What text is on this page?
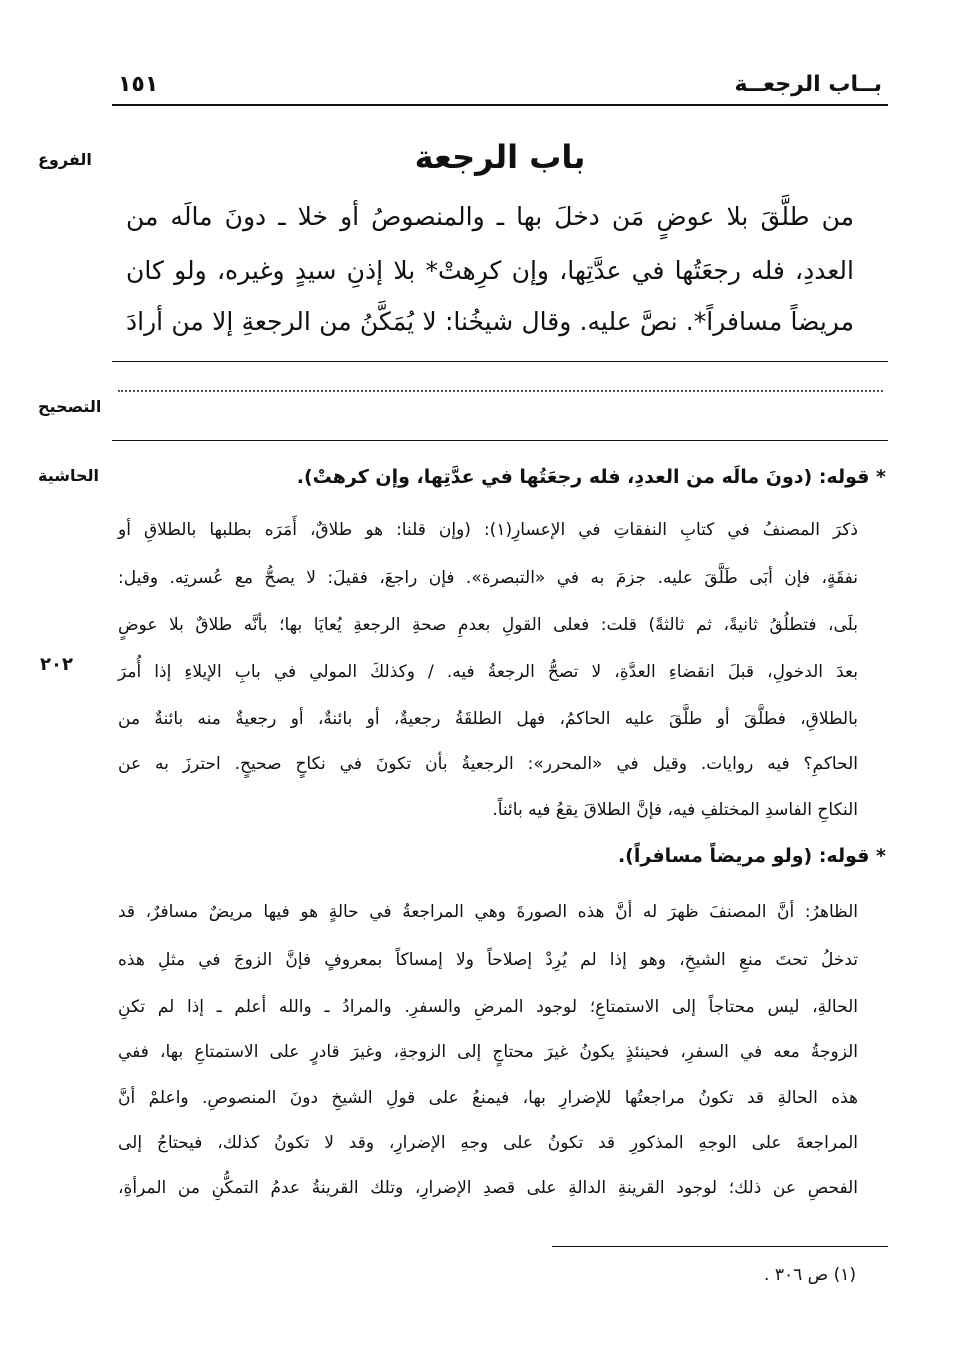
بــاب الرجعــة
١٥١
الفروع
التصحيح
الحاشية
٢٠٢
باب الرجعة
من طلَّقَ بلا عوضٍ مَن دخلَ بها ـ والمنصوصُ أو خلا ـ دونَ مالَه من
العددِ، فله رجعَتُها في عدَّتِها، وإن كرِهتْ* بلا إذنِ سيدٍ وغيره، ولو كان
مريضاً مسافراً*. نصَّ عليه. وقال شيخُنا: لا يُمَكَّنُ من الرجعةِ إلا من أرادَ
* قوله: (دونَ مالَه من العددِ، فله رجعَتُها في عدَّتِها، وإن كرهتْ).
ذكرَ المصنفُ في كتابِ النفقاتِ في الإعسارِ(١): (وإن قلنا: هو طلاقٌ، أَمَرَه بطلبها بالطلاقِ أو
نفقَةٍ، فإن أبَى طَلَّقَ عليه. جزمَ به في «التبصرة». فإن راجعَ، فقيلَ: لا يصحُّ مع عُسرتِه. وقيل:
بلَى، فتطلُقُ ثانيةً، ثم ثالثةً) قلت: فعلى القولِ بعدمِ صحةِ الرجعةِ يُعايَا بها؛ بأنَّه طلاقٌ بلا عوضٍ
بعدَ الدخولِ، قبلَ انقضاءِ العدَّةِ، لا تصحُّ الرجعةُ فيه. / وكذلكَ المولي في بابِ الإيلاءِ إذا أُمرَ
بالطلاقِ، فطلَّقَ أو طلَّقَ عليه الحاكمُ، فهل الطلقَةُ رجعيةٌ، أو بائنةٌ، أو رجعيةٌ منه بائنةٌ من
الحاكمِ؟ فيه روايات. وقيل في «المحرر»: الرجعيةُ بأن تكونَ في نكاحٍ صحيحٍ. احترزَ به عن
النكاحِ الفاسدِ المختلفِ فيه، فإنَّ الطلاقَ يقعُ فيه بائناً.
* قوله: (ولو مريضاً مسافراً).
الظاهرُ: أنَّ المصنفَ ظهرَ له أنَّ هذه الصورةَ وهي المراجعةُ في حالةٍ هو فيها مريضٌ مسافرٌ، قد
تدخلُ تحتَ منعِ الشيخِ، وهو إذا لم يُرِدْ إصلاحاً ولا إمساكاً بمعروفٍ فإنَّ الزوجَ في مثلِ هذه
الحالةِ، ليس محتاجاً إلى الاستمتاعِ؛ لوجود المرضِ والسفرِ. والمرادُ ـ والله أعلم ـ إذا لم تكنِ
الزوجةُ معه في السفرِ، فحينئذٍ يكونُ غيرَ محتاجٍ إلى الزوجةِ، وغيرَ قادرٍ على الاستمتاعِ بها، ففي
هذه الحالةِ قد تكونُ مراجعتُها للإضرارِ بها، فيمنعُ على قولِ الشيخِ دونَ المنصوصِ. واعلمْ أنَّ
المراجعةَ على الوجهِ المذكورِ قد تكونُ على وجهِ الإضرارِ، وقد لا تكونُ كذلك، فيحتاجُ إلى
الفحصِ عن ذلك؛ لوجود القرينةِ الدالةِ على قصدِ الإضرارِ، وتلك القرينةُ عدمُ التمكُّنِ من المرأةِ،
(١) ص ٣٠٦ .
